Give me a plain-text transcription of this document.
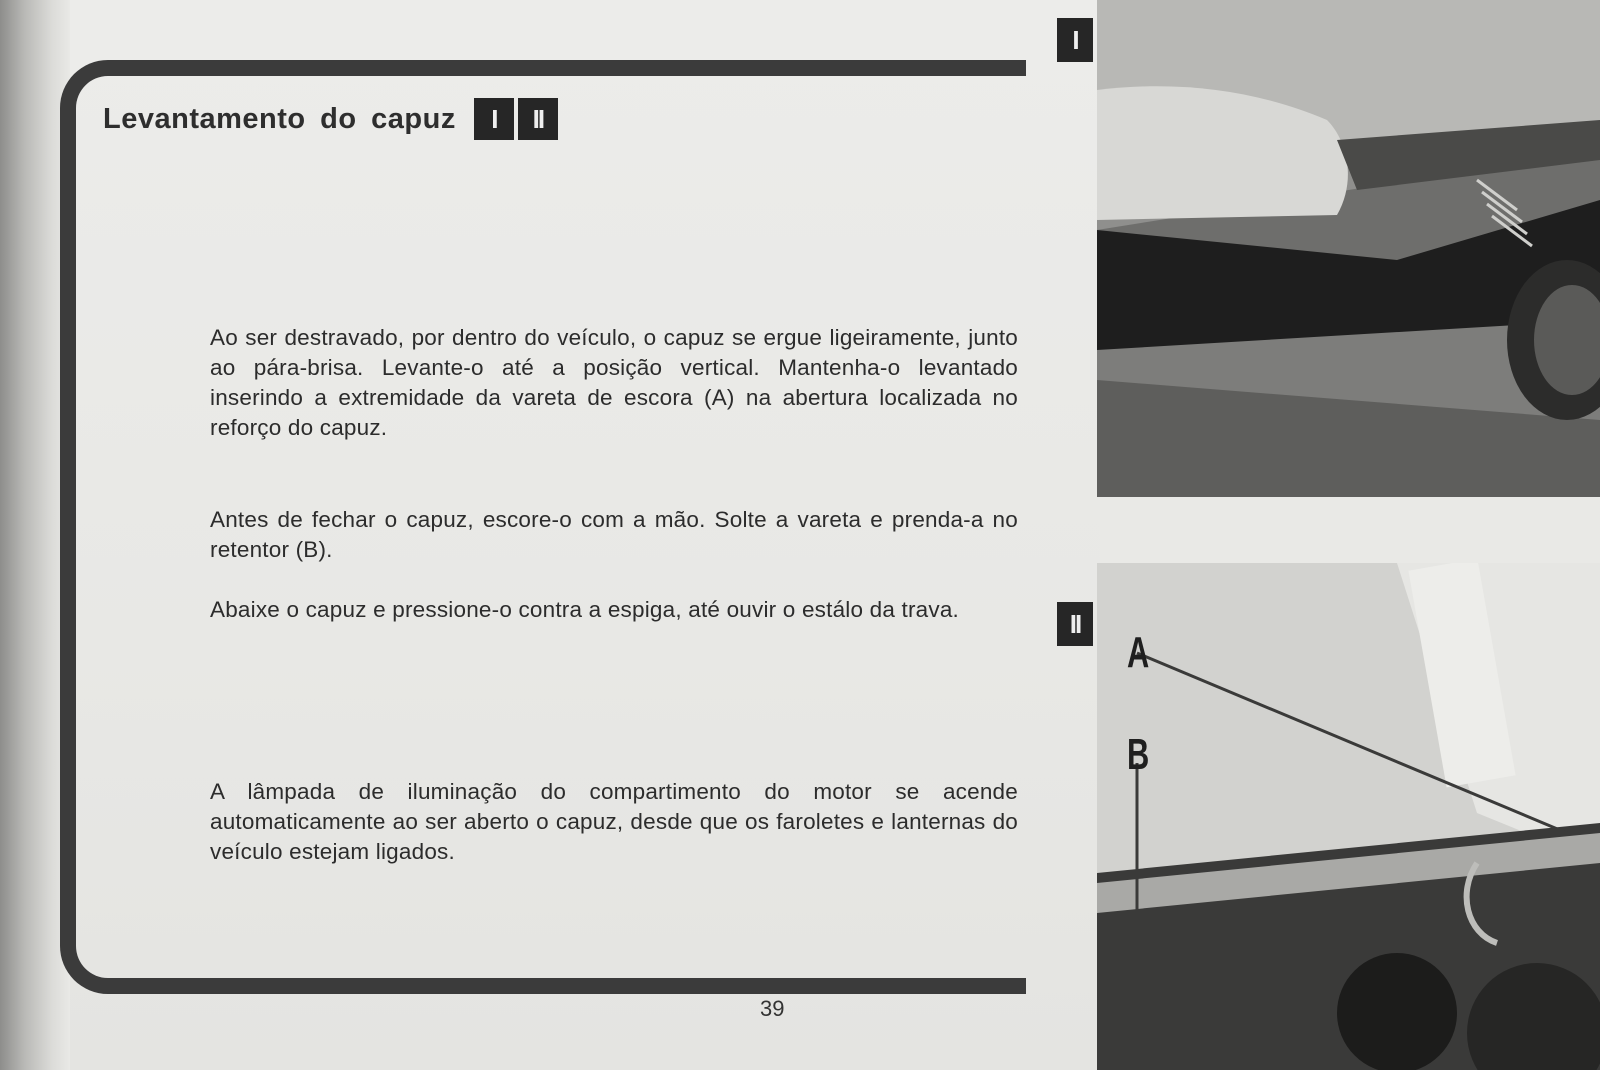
Levantamento do capuz	I	II

Ao ser destravado, por dentro do veículo, o capuz se ergue ligeiramente, junto ao pára-brisa. Levante-o até a posição vertical. Mantenha-o levantado inserindo a extremidade da vareta de escora (A) na abertura localizada no reforço do capuz.

Antes de fechar o capuz, escore-o com a mão. Solte a vareta e prenda-a no retentor (B).

Abaixe o capuz e pressione-o contra a espiga, até ouvir o estálo da trava.

A lâmpada de iluminação do compartimento do motor se acende automaticamente ao ser aberto o capuz, desde que os faroletes e lanternas do veículo estejam ligados.

39
I
II
A
B
